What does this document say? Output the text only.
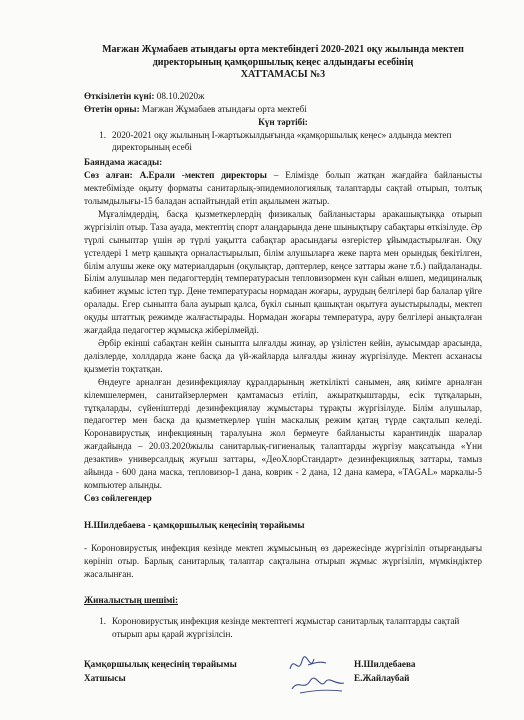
Мағжан Жұмабаев атындағы орта мектебіндегі 2020-2021 оқу жылында мектеп
директорының қамқоршылық кеңес алдындағы есебінің
ХАТТАМАСЫ №3
Өткізілетін күні: 08.10.2020ж
Өтетін орны: Мағжан Жұмабаев атындағы орта мектебі
Күн тәртібі:
1. 2020-2021 оқу жылының І-жартыжылдығында «қамқоршылық кеңес» алдында мектеп директорының есебі
Баяндама жасады:

Сөз алған: А.Ерали -мектеп директоры – Елімізде болып жатқан жағдайға байланысты мектебімізде оқыту форматы санитарлық-эпидемиологиялық талаптарды сақтай отырып, толтық толымдылығы-15 баладан аспайтындай етіп ақылымен жатыр.

Мұғалімдердің, басқа қызметкерлердің физикалық байланыстары аракашықтыққа отырып жүргізіліп отыр. Таза ауада, мектептің спорт алаңдарында дене шынықтыру сабақтары өткізілуде. Әр түрлі сыныптар үшін әр түрлі уақытта сабақтар арасындағы өзгерістер ұйымдастырылған. Оқу үстелдері 1 метр қашықта орналастырылып, білім алушыларға жеке парта мен орындық бекітілген, білім алушы жеке оқу материалдарын (оқулықтар, дәптерлер, кеңсе заттары және т.б.) пайдаланады. Білім алушылар мен педагогтердің температурасын тепловизормен күн сайын өлшеп, медициналық кабинет жұмыс істеп тұр. Дене температурасы нормадан жоғары, аурудың белгілері бар балалар үйге оралады. Егер сыныпта бала ауырып қалса, бүкіл сынып қашықтан оқытуға ауыстырылады, мектеп оқуды штаттық режимде жалғастырады. Нормадан жоғары температура, ауру белгілері анықталған жағдайда педагогтер жұмысқа жіберілмейді.

Әрбір екінші сабақтан кейін сыныпта ылғалды жинау, әр үзілістен кейін, ауысымдар арасында, дәлізлерде, холлдарда және басқа да үй-жайларда ылғалды жинау жүргізілуде. Мектеп асханасы қызметін тоқтатқан.

Өндеуге арналған дезинфекциялау құралдарының жеткілікті санымен, аяқ киімге арналған кілемшелермен, санитайзерлермен қамтамасыз етіліп, ажыратқыштарды, есік тұтқаларын, тұтқаларды, сүйеніштерді дезинфекциялау жұмыстары тұрақты жүргізілуде. Білім алушылар, педагогтер мен басқа да қызметкерлер үшін маскалық режим қатаң түрде сақталып келеді. Коронавирустық инфекцияның таралуына жол бермеуге байланысты карантиндік шаралар жағдайында – 20.03.2020жылы санитарлық-гигиеналық талаптарды жүргізу мақсатында «Үни дезактив» универсалдық жуғыш заттары, «ДеоХлорСтандарт» дезинфекциялық заттары, тамыз айында - 600 дана маска, тепловизор-1 дана, коврик - 2 дана, 12 дана камера, «TAGAL» маркалы-5 компьютер алынды.

Сөз сөйлегендер
Н.Шилдебаева - қамқоршылық кеңесінің төрайымы

- Короновирустық инфекция кезінде мектеп жұмысының өз дәрежесінде жүргізіліп отырғандығы көрініп отыр. Барлық санитарлық талаптар сақталына отырып жұмыс жүргізіліп, мүмкіндіктер жасалынған.

Жиналыстың шешімі:
1. Короновирустық инфекция кезінде мектептегі жұмыстар санитарлық талаптарды сақтай отырып ары қарай жүргізілсін.
Қамқоршылық кеңесінің төрайымы
Хатшысы
Н.Шилдебаева
Е.Жайлаубай
